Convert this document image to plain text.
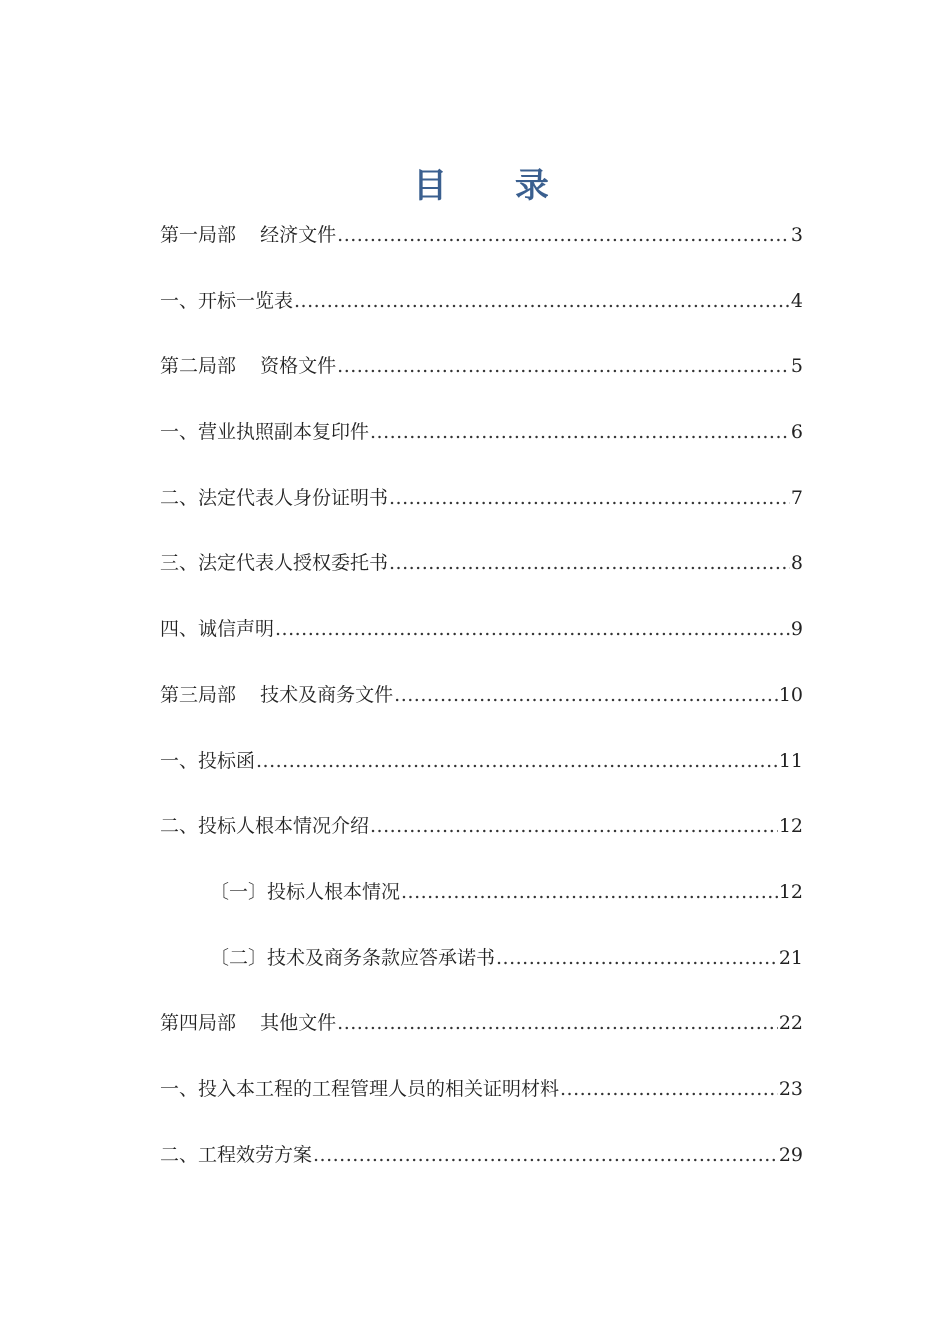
目 录
第一局部    经济文件 .....	3
一、开标一览表 .....	4
第二局部    资格文件 .....	5
一、营业执照副本复印件 .....	6
二、法定代表人身份证明书 .....	7
三、法定代表人授权委托书 .....	8
四、诚信声明 .....	9
第三局部    技术及商务文件 .....	10
一、投标函 .....	11
二、投标人根本情况介绍 .....	12
〔一〕投标人根本情况 .....	12
〔二〕技术及商务条款应答承诺书 .....	21
第四局部    其他文件 .....	22
一、投入本工程的工程管理人员的相关证明材料 .....	23
二、工程效劳方案 .....	29
